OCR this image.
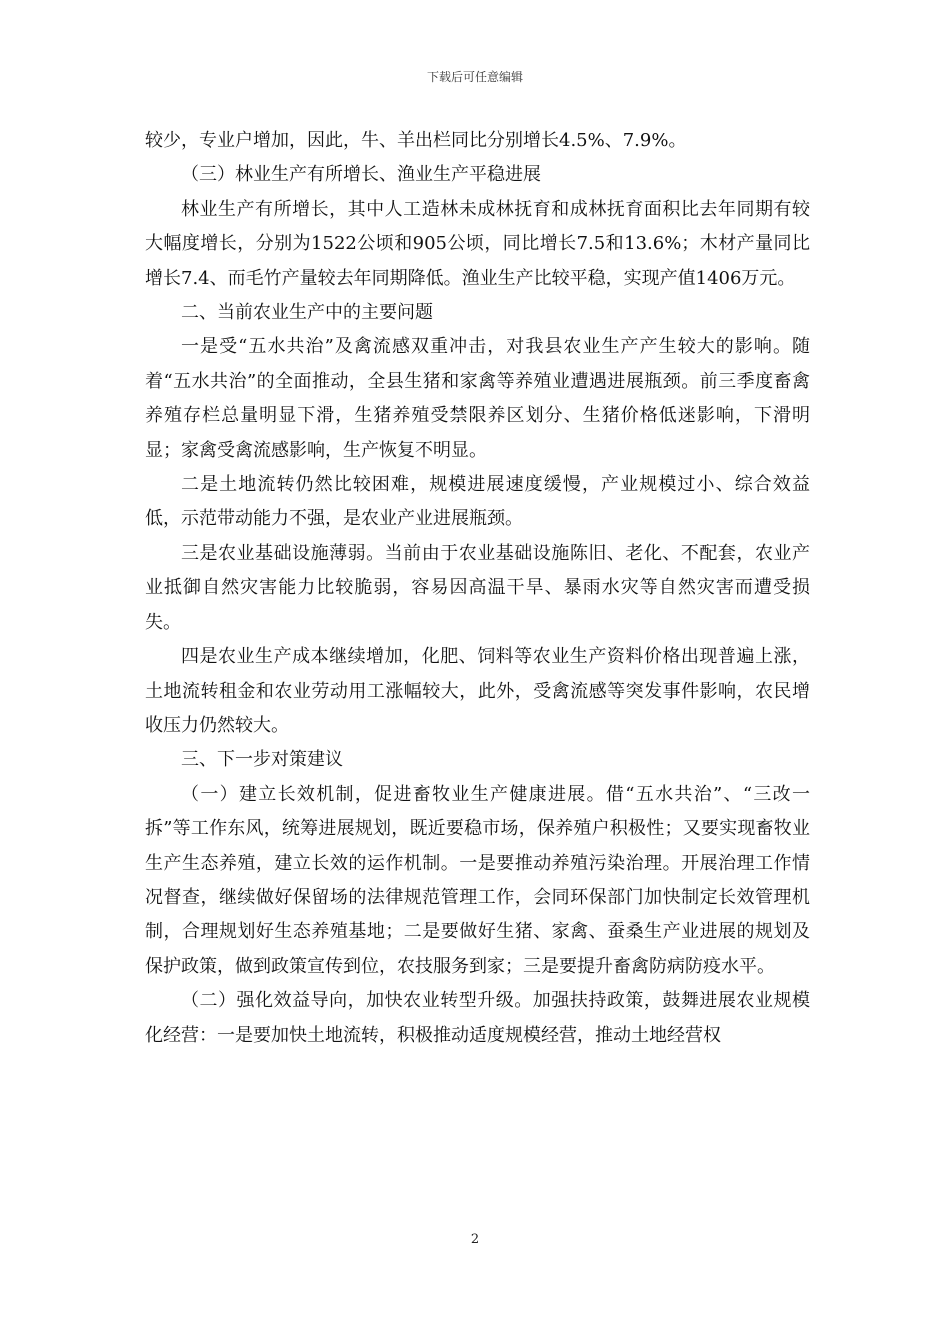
下载后可任意编辑

较少，专业户增加，因此，牛、羊出栏同比分别增长4.5%、7.9%。

（三）林业生产有所增长、渔业生产平稳进展

林业生产有所增长，其中人工造林未成林抚育和成林抚育面积比去年同期有较大幅度增长，分别为1522公顷和905公顷，同比增长7.5和13.6%；木材产量同比增长7.4、而毛竹产量较去年同期降低。渔业生产比较平稳，实现产值1406万元。

二、当前农业生产中的主要问题

一是受“五水共治”及禽流感双重冲击，对我县农业生产产生较大的影响。随着“五水共治”的全面推动，全县生猪和家禽等养殖业遭遇进展瓶颈。前三季度畜禽养殖存栏总量明显下滑，生猪养殖受禁限养区划分、生猪价格低迷影响，下滑明显；家禽受禽流感影响，生产恢复不明显。

二是土地流转仍然比较困难，规模进展速度缓慢，产业规模过小、综合效益低，示范带动能力不强，是农业产业进展瓶颈。

三是农业基础设施薄弱。当前由于农业基础设施陈旧、老化、不配套，农业产业抵御自然灾害能力比较脆弱，容易因高温干旱、暴雨水灾等自然灾害而遭受损失。

四是农业生产成本继续增加，化肥、饲料等农业生产资料价格出现普遍上涨，土地流转租金和农业劳动用工涨幅较大，此外，受禽流感等突发事件影响，农民增收压力仍然较大。

三、下一步对策建议

（一）建立长效机制，促进畜牧业生产健康进展。借“五水共治”、“三改一拆”等工作东风，统筹进展规划，既近要稳市场，保养殖户积极性；又要实现畜牧业生产生态养殖，建立长效的运作机制。一是要推动养殖污染治理。开展治理工作情况督查，继续做好保留场的法律规范管理工作，会同环保部门加快制定长效管理机制，合理规划好生态养殖基地；二是要做好生猪、家禽、蚕桑生产业进展的规划及保护政策，做到政策宣传到位，农技服务到家；三是要提升畜禽防病防疫水平。

（二）强化效益导向，加快农业转型升级。加强扶持政策，鼓舞进展农业规模化经营：一是要加快土地流转，积极推动适度规模经营，推动土地经营权

2
